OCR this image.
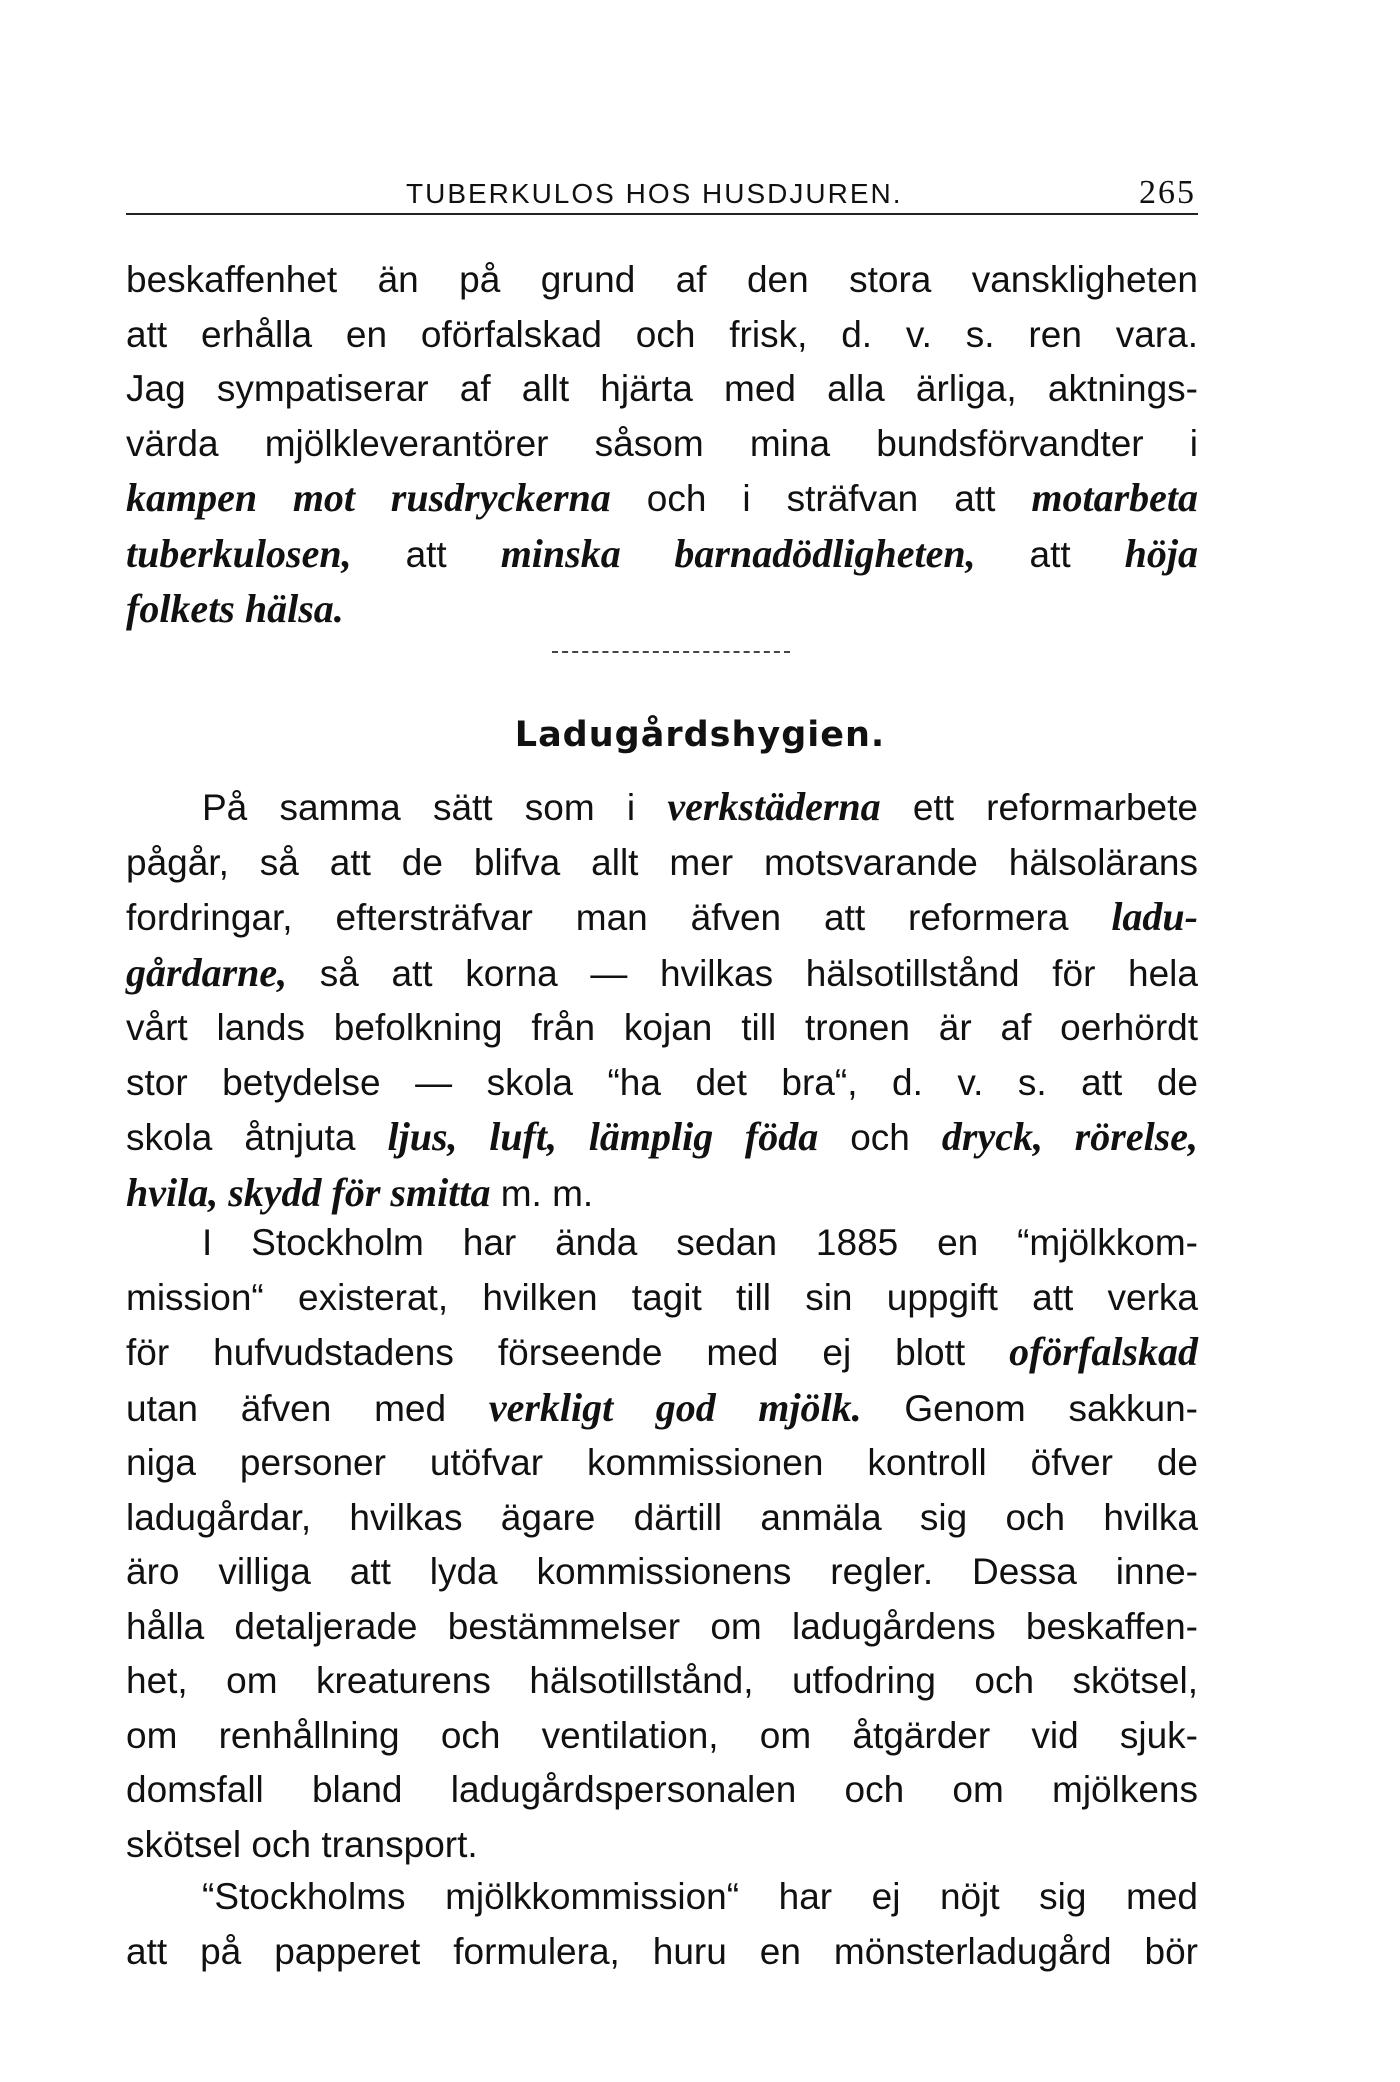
TUBERKULOS HOS HUSDJUREN.	265

beskaffenhet än på grund af den stora vanskligheten
att erhålla en oförfalskad och frisk, d. v. s. ren vara.
Jag sympatiserar af allt hjärta med alla ärliga, aktnings-
värda mjölkleverantörer såsom mina bundsförvandter i
kampen mot rusdryckerna och i sträfvan att motarbeta
tuberkulosen, att minska barnadödligheten, att höja
folkets hälsa.

Ladugårdshygien.

På samma sätt som i verkstäderna ett reformarbete
pågår, så att de blifva allt mer motsvarande hälsolärans
fordringar, eftersträfvar man äfven att reformera ladu-
gårdarne, så att korna — hvilkas hälsotillstånd för hela
vårt lands befolkning från kojan till tronen är af oerhördt
stor betydelse — skola “ha det bra“, d. v. s. att de
skola åtnjuta ljus, luft, lämplig föda och dryck, rörelse,
hvila, skydd för smitta m. m.

I Stockholm har ända sedan 1885 en “mjölkkom-
mission“ existerat, hvilken tagit till sin uppgift att verka
för hufvudstadens förseende med ej blott oförfalskad
utan äfven med verkligt god mjölk. Genom sakkun-
niga personer utöfvar kommissionen kontroll öfver de
ladugårdar, hvilkas ägare därtill anmäla sig och hvilka
äro villiga att lyda kommissionens regler. Dessa inne-
hålla detaljerade bestämmelser om ladugårdens beskaffen-
het, om kreaturens hälsotillstånd, utfodring och skötsel,
om renhållning och ventilation, om åtgärder vid sjuk-
domsfall bland ladugårdspersonalen och om mjölkens
skötsel och transport.

“Stockholms mjölkkommission“ har ej nöjt sig med
att på papperet formulera, huru en mönsterladugård bör
